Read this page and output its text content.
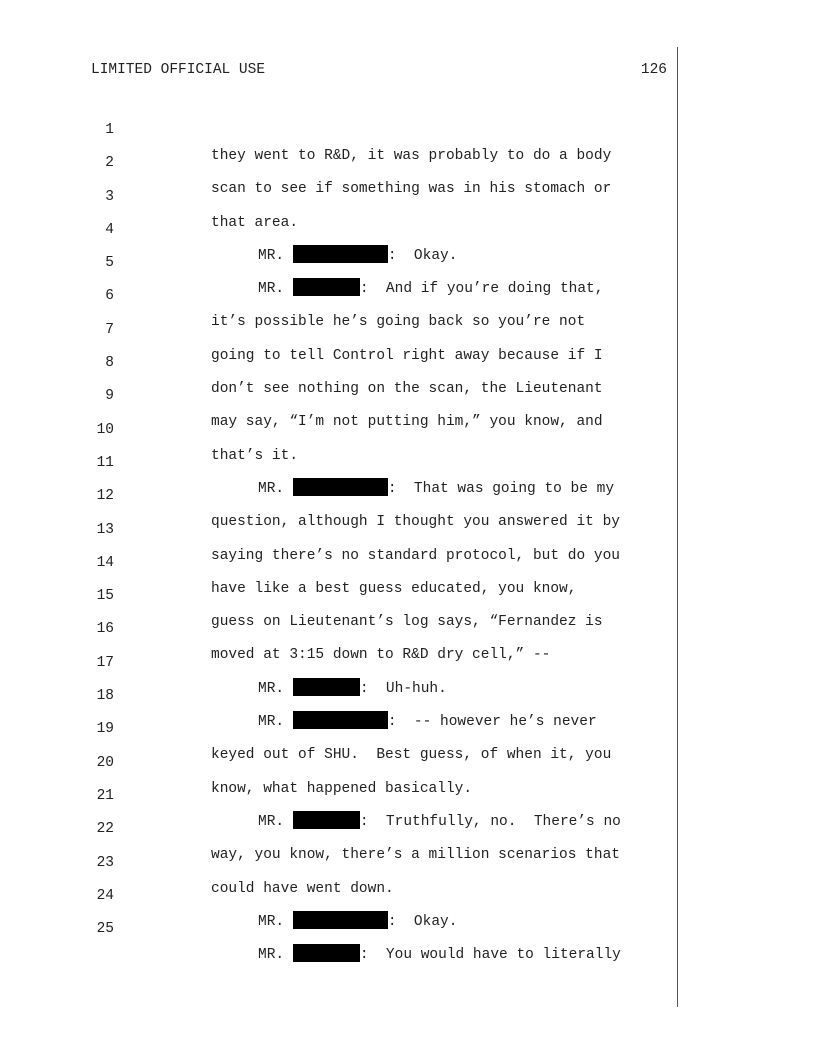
LIMITED OFFICIAL USE	126

1

they went to R&D, it was probably to do a body

2

scan to see if something was in his stomach or

3

that area.

4

MR.	:  Okay.

5

MR.	:  And if you’re doing that,

6

it’s possible he’s going back so you’re not

7

going to tell Control right away because if I

8

don’t see nothing on the scan, the Lieutenant

9

may say, “I’m not putting him,” you know, and

10

that’s it.

11

MR.	:  That was going to be my

12

question, although I thought you answered it by

13

saying there’s no standard protocol, but do you

14

have like a best guess educated, you know,

15

guess on Lieutenant’s log says, “Fernandez is

16

moved at 3:15 down to R&D dry cell,” --

17

MR.	:  Uh-huh.

18

MR.	:  -- however he’s never

19

keyed out of SHU.  Best guess, of when it, you

20

know, what happened basically.

21

MR.	:  Truthfully, no.  There’s no

22

way, you know, there’s a million scenarios that

23

could have went down.

24

MR.	:  Okay.

25

MR.	:  You would have to literally
